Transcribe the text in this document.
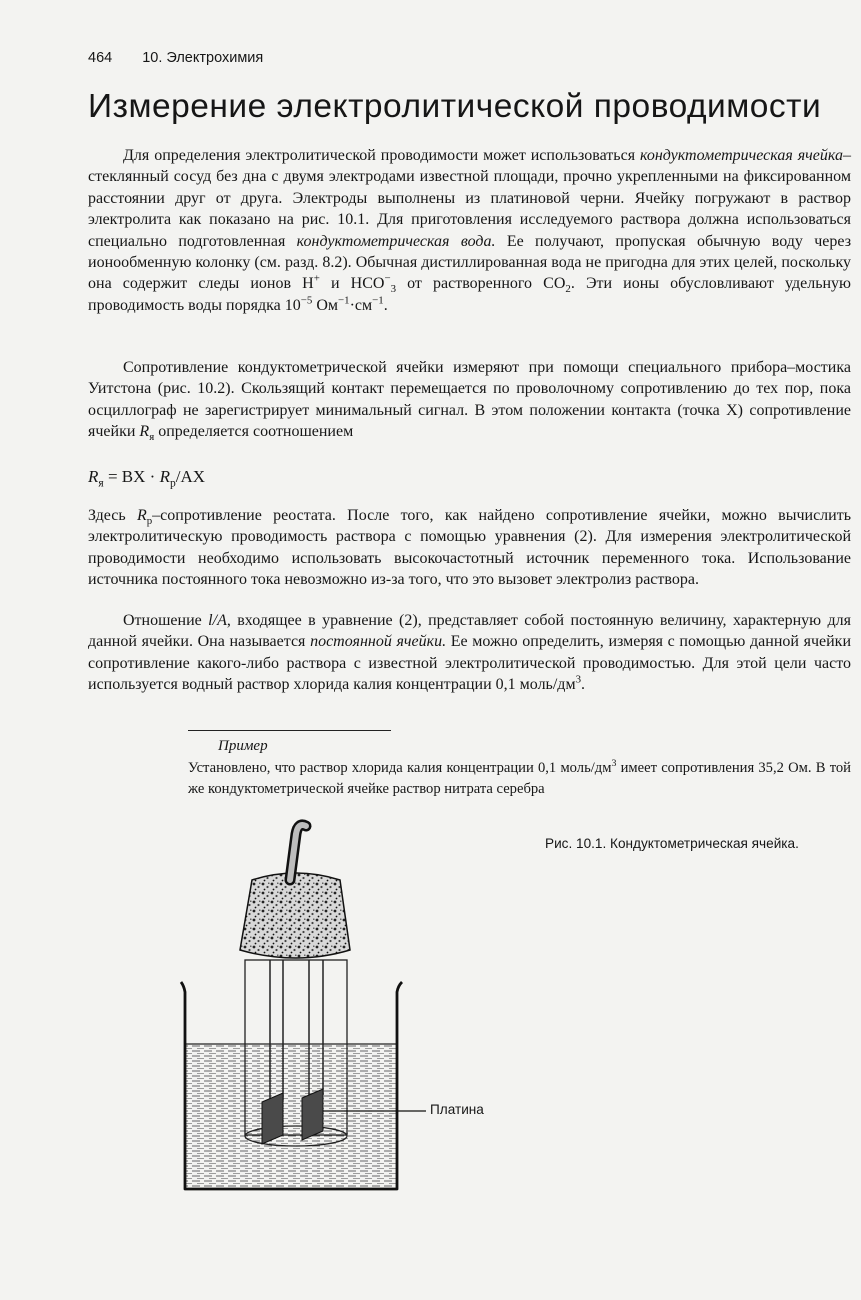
464 10. Электрохимия
Измерение электролитической проводимости

Для определения электролитической проводимости может использоваться кондуктометрическая ячейка–стеклянный сосуд без дна с двумя электродами известной площади, прочно укрепленными на фиксированном расстоянии друг от друга. Электроды выполнены из платиновой черни. Ячейку погружают в раствор электролита как показано на рис. 10.1. Для приготовления исследуемого раствора должна использоваться специально подготовленная кондуктометрическая вода. Ее получают, пропуская обычную воду через ионообменную колонку (см. разд. 8.2). Обычная дистиллированная вода не пригодна для этих целей, поскольку она содержит следы ионов H+ и $HCO^-_3$ от растворенного $CO_2$. Эти ионы обусловливают удельную проводимость воды порядка $10^{-5}$ $Ом^{-1}\cdot см^{-1}$.

Сопротивление кондуктометрической ячейки измеряют при помощи специального прибора–мостика Уитстона (рис. 10.2). Скользящий контакт перемещается по проволочному сопротивлению до тех пор, пока осциллограф не зарегистрирует минимальный сигнал. В этом положении контакта (точка X) сопротивление ячейки $R_я$ определяется соотношением

$R_я$ = BX · $R_р/AX$

Здесь $R_р$–сопротивление реостата. После того, как найдено сопротивление ячейки, можно вычислить электролитическую проводимость раствора с помощью уравнения (2). Для измерения электролитической проводимости необходимо использовать высокочастотный источник переменного тока. Использование источника постоянного тока невозможно из-за того, что это вызовет электролиз раствора.

Отношение l/A, входящее в уравнение (2), представляет собой постоянную величину, характерную для данной ячейки. Она называется постоянной ячейки. Ее можно определить, измеряя с помощью данной ячейки сопротивление какого-либо раствора с известной электролитической проводимостью. Для этой цели часто используется водный раствор хлорида калия концентрации 0,1 моль/$дм^3$.

Пример

Установлено, что раствор хлорида калия концентрации 0,1 моль/$дм^3$ имеет сопротивления 35,2 Ом. В той же кондуктометрической ячейке раствор нитрата серебра

Рис. 10.1. Кондуктометрическая ячейка.

Платина
